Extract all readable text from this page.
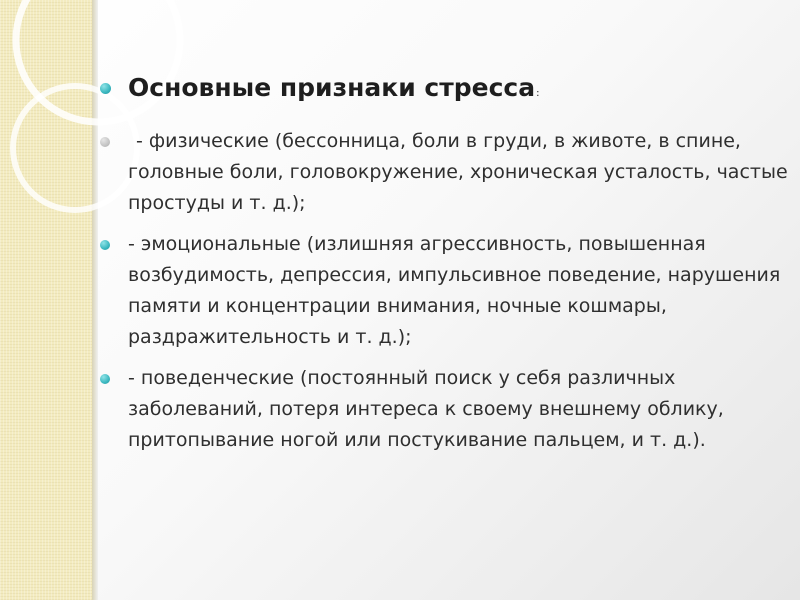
Основные признаки стресса:
- физические (бессонница, боли в груди, в животе, в спине, головные боли, головокружение, хроническая усталость, частые простуды и т. д.);
- эмоциональные (излишняя агрессивность, повышенная возбудимость, депрессия, импульсивное поведение, нарушения памяти и концентрации внимания, ночные кошмары, раздражительность и т. д.);
- поведенческие (постоянный поиск у себя различных заболеваний, потеря интереса к своему внешнему облику, притопывание ногой или постукивание пальцем, и т. д.).
